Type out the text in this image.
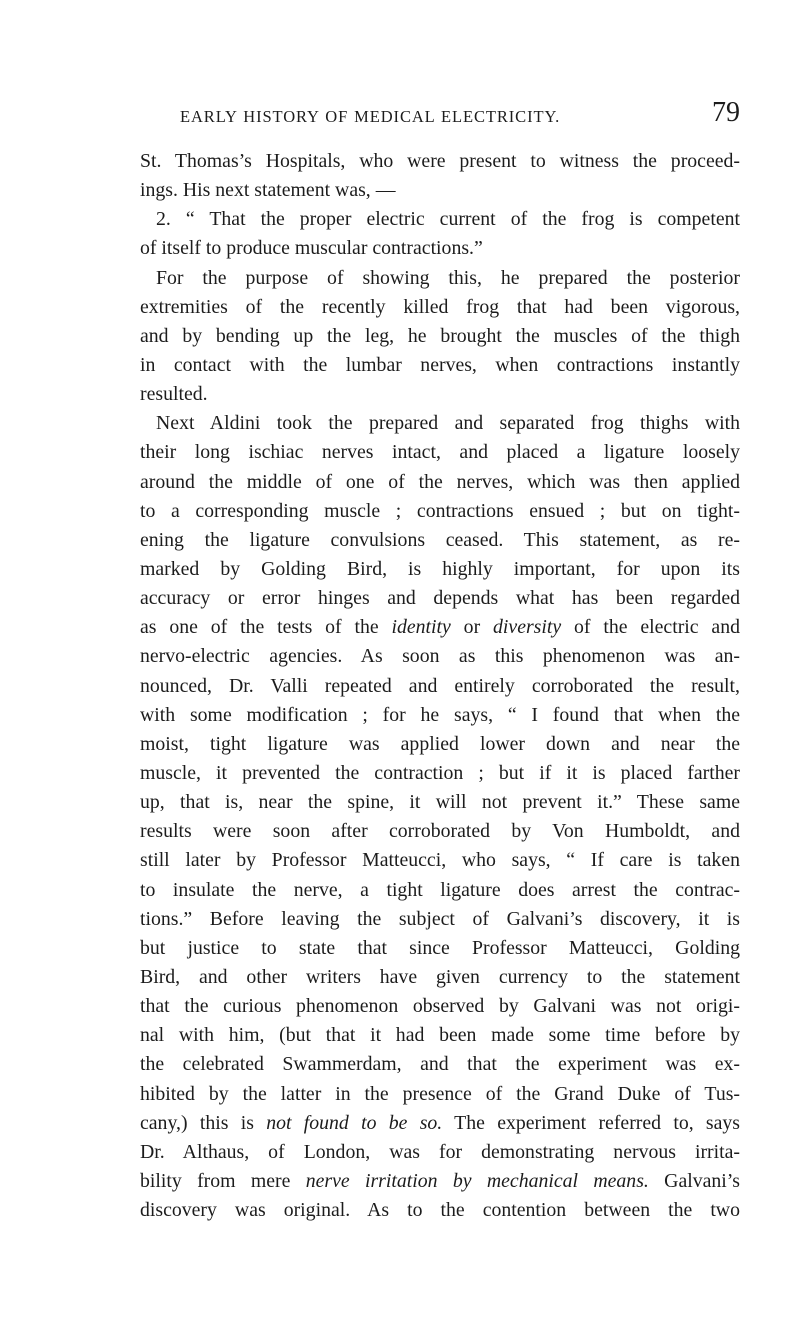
EARLY HISTORY OF MEDICAL ELECTRICITY.	79
St. Thomas’s Hospitals, who were present to witness the proceed-
ings. His next statement was, —
2. “ That the proper electric current of the frog is competent
of itself to produce muscular contractions.”
For the purpose of showing this, he prepared the posterior
extremities of the recently killed frog that had been vigorous,
and by bending up the leg, he brought the muscles of the thigh
in contact with the lumbar nerves, when contractions instantly
resulted.
Next Aldini took the prepared and separated frog thighs with
their long ischiac nerves intact, and placed a ligature loosely
around the middle of one of the nerves, which was then applied
to a corresponding muscle ; contractions ensued ; but on tight-
ening the ligature convulsions ceased. This statement, as re-
marked by Golding Bird, is highly important, for upon its
accuracy or error hinges and depends what has been regarded
as one of the tests of the identity or diversity of the electric and
nervo-electric agencies. As soon as this phenomenon was an-
nounced, Dr. Valli repeated and entirely corroborated the result,
with some modification ; for he says, “ I found that when the
moist, tight ligature was applied lower down and near the
muscle, it prevented the contraction ; but if it is placed farther
up, that is, near the spine, it will not prevent it.” These same
results were soon after corroborated by Von Humboldt, and
still later by Professor Matteucci, who says, “ If care is taken
to insulate the nerve, a tight ligature does arrest the contrac-
tions.” Before leaving the subject of Galvani’s discovery, it is
but justice to state that since Professor Matteucci, Golding
Bird, and other writers have given currency to the statement
that the curious phenomenon observed by Galvani was not origi-
nal with him, (but that it had been made some time before by
the celebrated Swammerdam, and that the experiment was ex-
hibited by the latter in the presence of the Grand Duke of Tus-
cany,) this is not found to be so. The experiment referred to, says
Dr. Althaus, of London, was for demonstrating nervous irrita-
bility from mere nerve irritation by mechanical means. Galvani’s
discovery was original. As to the contention between the two
